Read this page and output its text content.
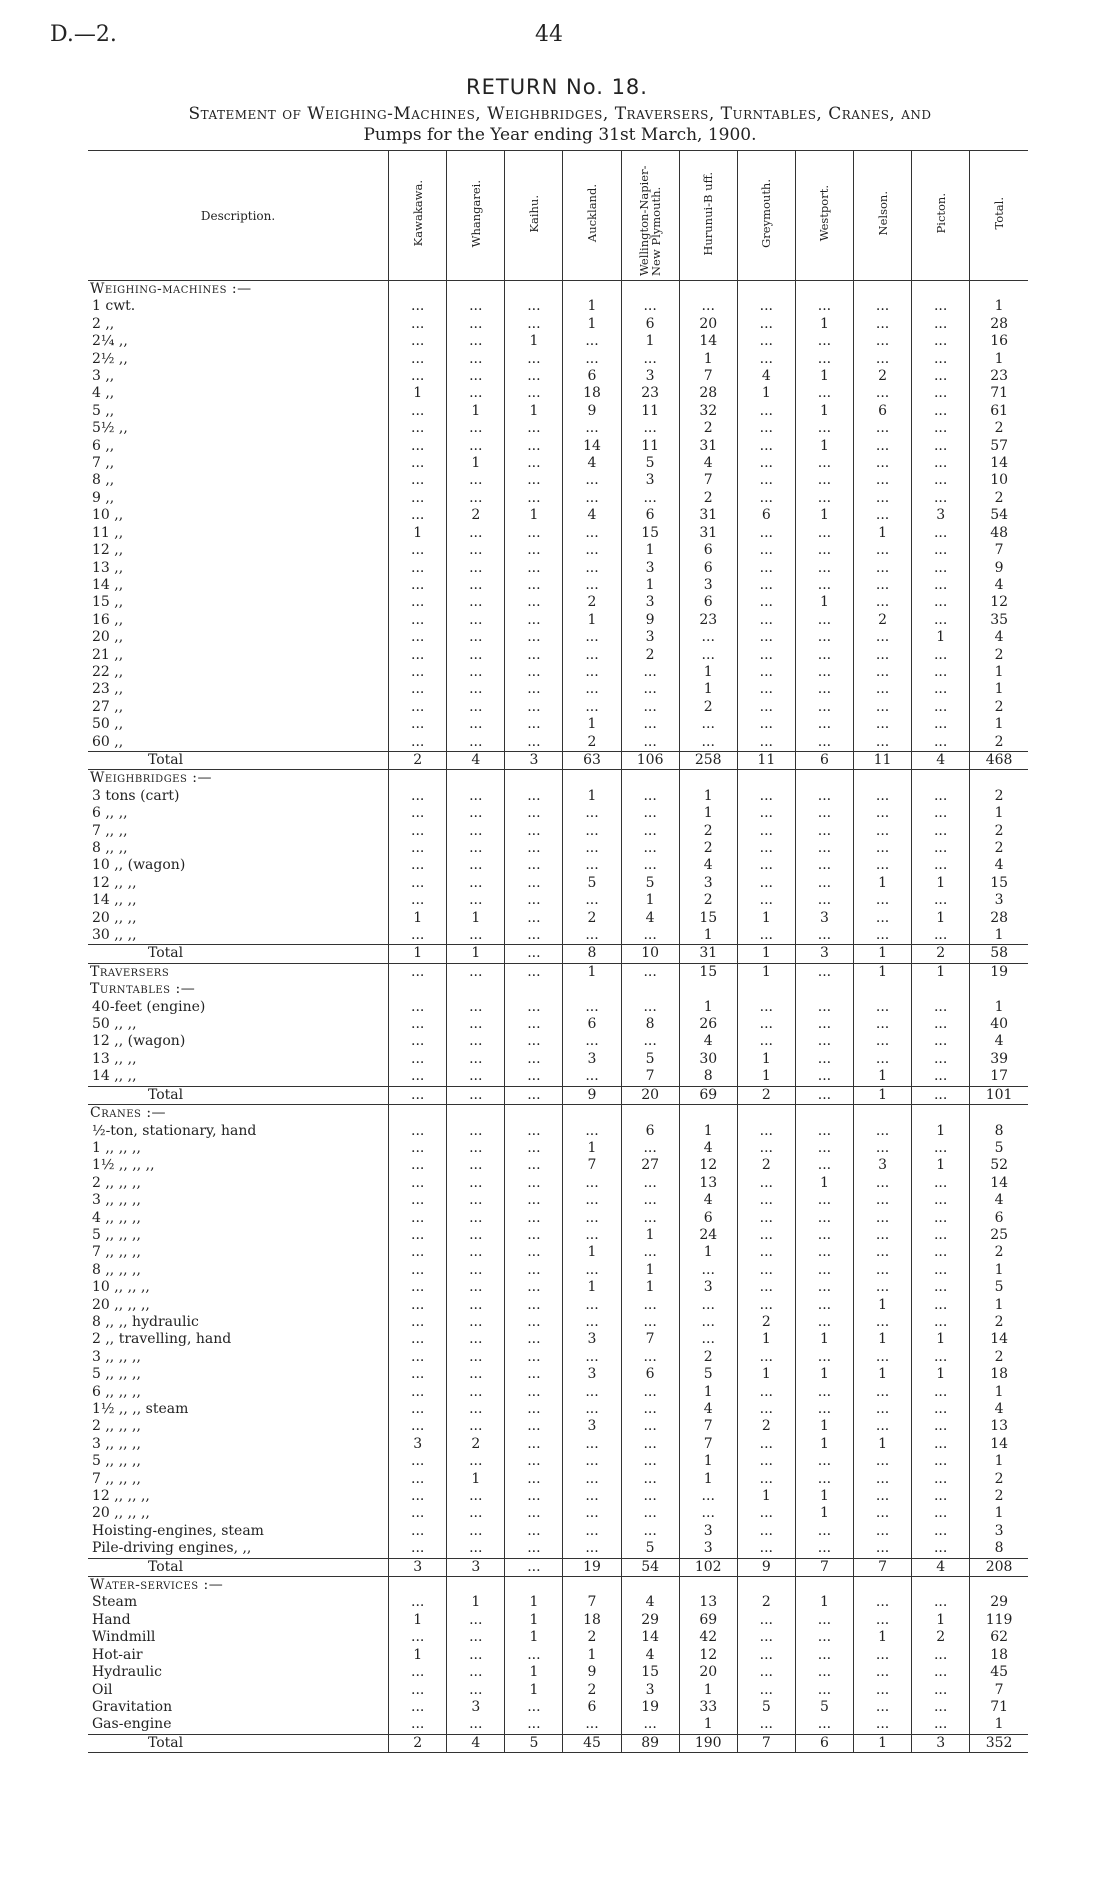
D.—2.	44
RETURN No. 18.
Statement of Weighing-Machines, Weighbridges, Traversers, Turntables, Cranes, and
Pumps for the Year ending 31st March, 1900.
Description.	Kawakawa.	Whangarei.	Kaihu.	Auckland.	Wellington-Napier-New Plymouth.	Hurunui-B uff.	Greymouth.	Westport.	Nelson.	Picton.	Total.
Weighing-machines :—											
1 cwt.	...	...	...	1	...	...	...	...	...	...	1
2 ,,	...	...	...	1	6	20	...	1	...	...	28
2¼ ,,	...	...	1	...	1	14	...	...	...	...	16
2½ ,,	...	...	...	...	...	1	...	...	...	...	1
3 ,,	...	...	...	6	3	7	4	1	2	...	23
4 ,,	1	...	...	18	23	28	1	...	...	...	71
5 ,,	...	1	1	9	11	32	...	1	6	...	61
5½ ,,	...	...	...	...	...	2	...	...	...	...	2
6 ,,	...	...	...	14	11	31	...	1	...	...	57
7 ,,	...	1	...	4	5	4	...	...	...	...	14
8 ,,	...	...	...	...	3	7	...	...	...	...	10
9 ,,	...	...	...	...	...	2	...	...	...	...	2
10 ,,	...	2	1	4	6	31	6	1	...	3	54
11 ,,	1	...	...	...	15	31	...	...	1	...	48
12 ,,	...	...	...	...	1	6	...	...	...	...	7
13 ,,	...	...	...	...	3	6	...	...	...	...	9
14 ,,	...	...	...	...	1	3	...	...	...	...	4
15 ,,	...	...	...	2	3	6	...	1	...	...	12
16 ,,	...	...	...	1	9	23	...	...	2	...	35
20 ,,	...	...	...	...	3	...	...	...	...	1	4
21 ,,	...	...	...	...	2	...	...	...	...	...	2
22 ,,	...	...	...	...	...	1	...	...	...	...	1
23 ,,	...	...	...	...	...	1	...	...	...	...	1
27 ,,	...	...	...	...	...	2	...	...	...	...	2
50 ,,	...	...	...	1	...	...	...	...	...	...	1
60 ,,	...	...	...	2	...	...	...	...	...	...	2
Total	2	4	3	63	106	258	11	6	11	4	468
Weighbridges :—											
3 tons (cart)	...	...	...	1	...	1	...	...	...	...	2
6 ,, ,,	...	...	...	...	...	1	...	...	...	...	1
7 ,, ,,	...	...	...	...	...	2	...	...	...	...	2
8 ,, ,,	...	...	...	...	...	2	...	...	...	...	2
10 ,, (wagon)	...	...	...	...	...	4	...	...	...	...	4
12 ,, ,,	...	...	...	5	5	3	...	...	1	1	15
14 ,, ,,	...	...	...	...	1	2	...	...	...	...	3
20 ,, ,,	1	1	...	2	4	15	1	3	...	1	28
30 ,, ,,	...	...	...	...	...	1	...	...	...	...	1
Total	1	1	...	8	10	31	1	3	1	2	58
Traversers	...	...	...	1	...	15	1	...	1	1	19
Turntables :—											
40-feet (engine)	...	...	...	...	...	1	...	...	...	...	1
50 ,, ,,	...	...	...	6	8	26	...	...	...	...	40
12 ,, (wagon)	...	...	...	...	...	4	...	...	...	...	4
13 ,, ,,	...	...	...	3	5	30	1	...	...	...	39
14 ,, ,,	...	...	...	...	7	8	1	...	1	...	17
Total	...	...	...	9	20	69	2	...	1	...	101
Cranes :—											
½-ton, stationary, hand	...	...	...	...	6	1	...	...	...	1	8
1 ,, ,, ,,	...	...	...	1	...	4	...	...	...	...	5
1½ ,, ,, ,,	...	...	...	7	27	12	2	...	3	1	52
2 ,, ,, ,,	...	...	...	...	...	13	...	1	...	...	14
3 ,, ,, ,,	...	...	...	...	...	4	...	...	...	...	4
4 ,, ,, ,,	...	...	...	...	...	6	...	...	...	...	6
5 ,, ,, ,,	...	...	...	...	1	24	...	...	...	...	25
7 ,, ,, ,,	...	...	...	1	...	1	...	...	...	...	2
8 ,, ,, ,,	...	...	...	...	1	...	...	...	...	...	1
10 ,, ,, ,,	...	...	...	1	1	3	...	...	...	...	5
20 ,, ,, ,,	...	...	...	...	...	...	...	...	1	...	1
8 ,, ,, hydraulic	...	...	...	...	...	...	2	...	...	...	2
2 ,, travelling, hand	...	...	...	3	7	...	1	1	1	1	14
3 ,, ,, ,,	...	...	...	...	...	2	...	...	...	...	2
5 ,, ,, ,,	...	...	...	3	6	5	1	1	1	1	18
6 ,, ,, ,,	...	...	...	...	...	1	...	...	...	...	1
1½ ,, ,, steam	...	...	...	...	...	4	...	...	...	...	4
2 ,, ,, ,,	...	...	...	3	...	7	2	1	...	...	13
3 ,, ,, ,,	3	2	...	...	...	7	...	1	1	...	14
5 ,, ,, ,,	...	...	...	...	...	1	...	...	...	...	1
7 ,, ,, ,,	...	1	...	...	...	1	...	...	...	...	2
12 ,, ,, ,,	...	...	...	...	...	...	1	1	...	...	2
20 ,, ,, ,,	...	...	...	...	...	...	...	1	...	...	1
Hoisting-engines, steam	...	...	...	...	...	3	...	...	...	...	3
Pile-driving engines, ,,	...	...	...	...	5	3	...	...	...	...	8
Total	3	3	...	19	54	102	9	7	7	4	208
Water-services :—											
Steam	...	1	1	7	4	13	2	1	...	...	29
Hand	1	...	1	18	29	69	...	...	...	1	119
Windmill	...	...	1	2	14	42	...	...	1	2	62
Hot-air	1	...	...	1	4	12	...	...	...	...	18
Hydraulic	...	...	1	9	15	20	...	...	...	...	45
Oil	...	...	1	2	3	1	...	...	...	...	7
Gravitation	...	3	...	6	19	33	5	5	...	...	71
Gas-engine	...	...	...	...	...	1	...	...	...	...	1
Total	2	4	5	45	89	190	7	6	1	3	352
